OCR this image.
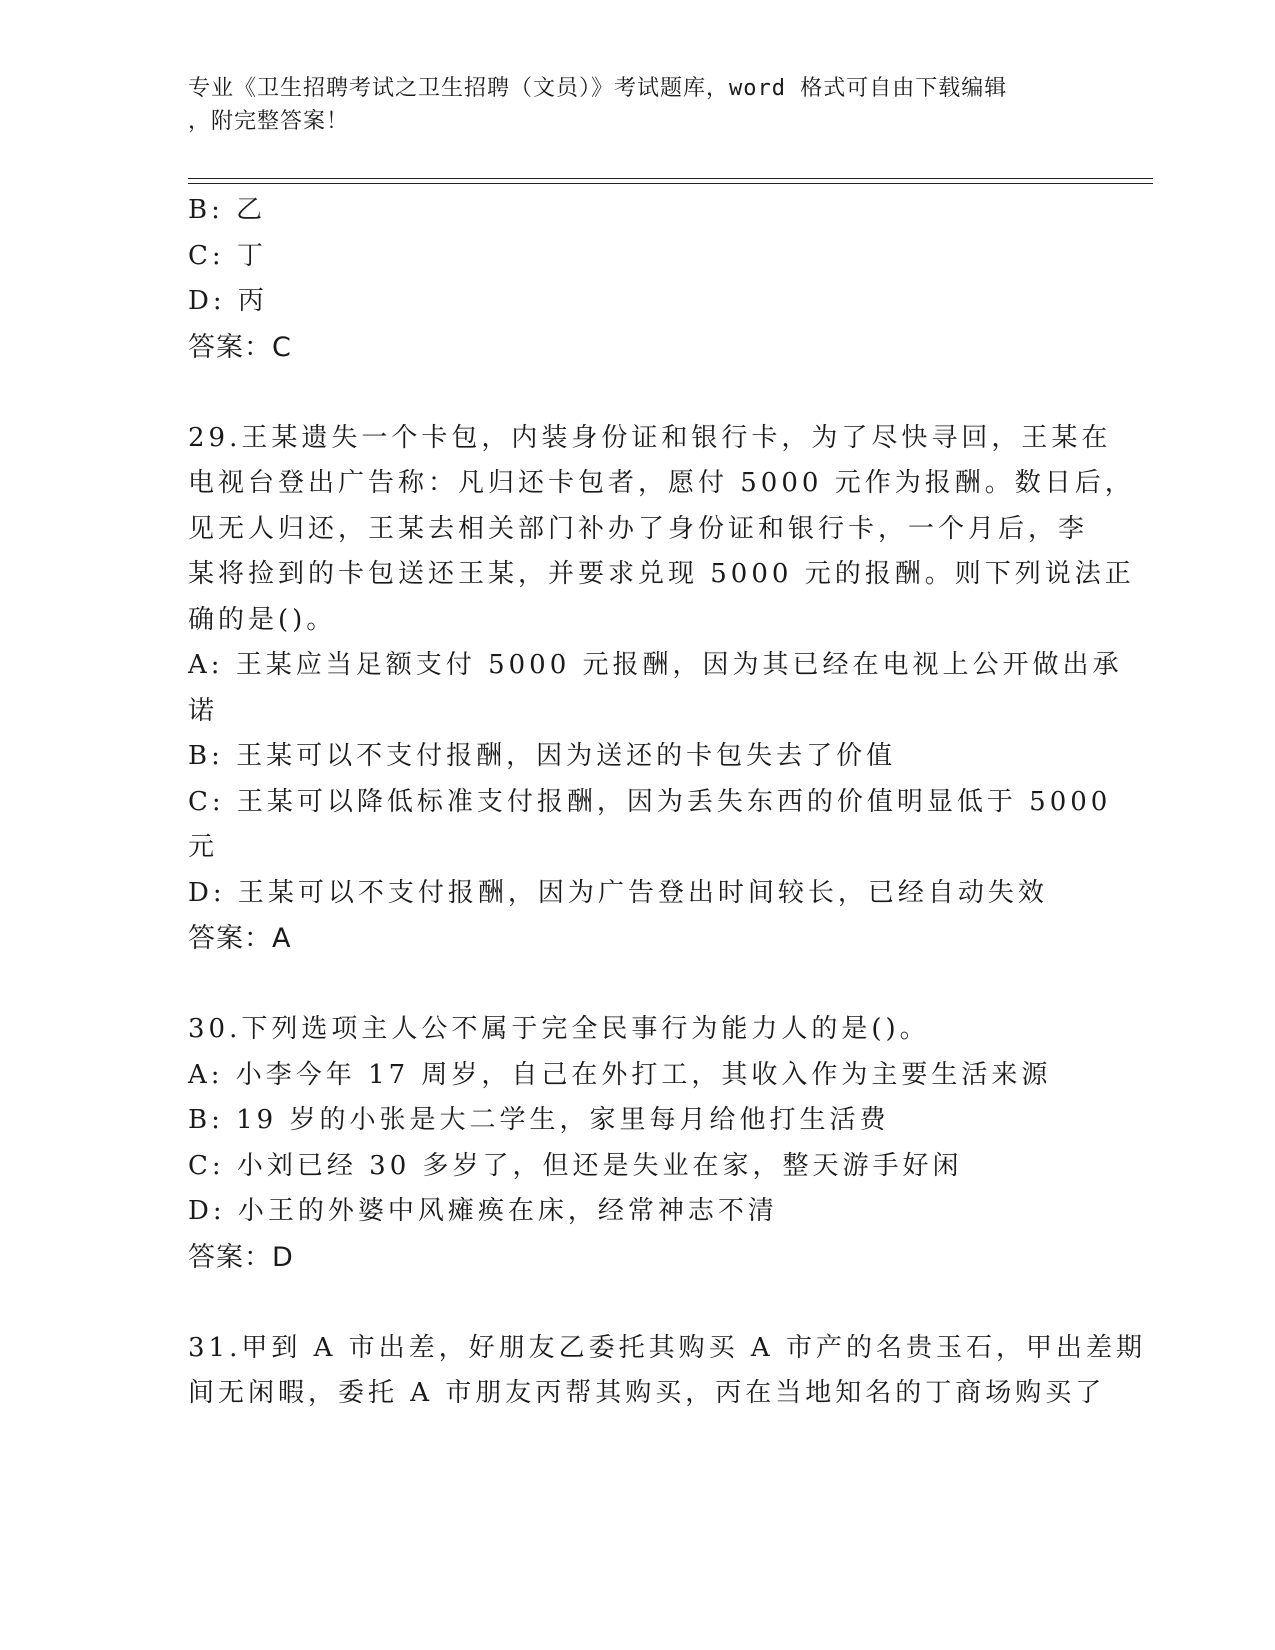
专业《卫生招聘考试之卫生招聘（文员）》考试题库，word 格式可自由下载编辑
，附完整答案！
B: 乙
C: 丁
D: 丙
答案：C
29.王某遗失一个卡包，内装身份证和银行卡，为了尽快寻回，王某在
电视台登出广告称：凡归还卡包者，愿付 5000 元作为报酬。数日后，
见无人归还，王某去相关部门补办了身份证和银行卡，一个月后，李
某将捡到的卡包送还王某，并要求兑现 5000 元的报酬。则下列说法正
确的是()。
A: 王某应当足额支付 5000 元报酬，因为其已经在电视上公开做出承
诺
B: 王某可以不支付报酬，因为送还的卡包失去了价值
C: 王某可以降低标准支付报酬，因为丢失东西的价值明显低于 5000
元
D: 王某可以不支付报酬，因为广告登出时间较长，已经自动失效
答案：A
30.下列选项主人公不属于完全民事行为能力人的是()。
A: 小李今年 17 周岁，自己在外打工，其收入作为主要生活来源
B: 19 岁的小张是大二学生，家里每月给他打生活费
C: 小刘已经 30 多岁了，但还是失业在家，整天游手好闲
D: 小王的外婆中风瘫痪在床，经常神志不清
答案：D
31.甲到 A 市出差，好朋友乙委托其购买 A 市产的名贵玉石，甲出差期
间无闲暇，委托 A 市朋友丙帮其购买，丙在当地知名的丁商场购买了
